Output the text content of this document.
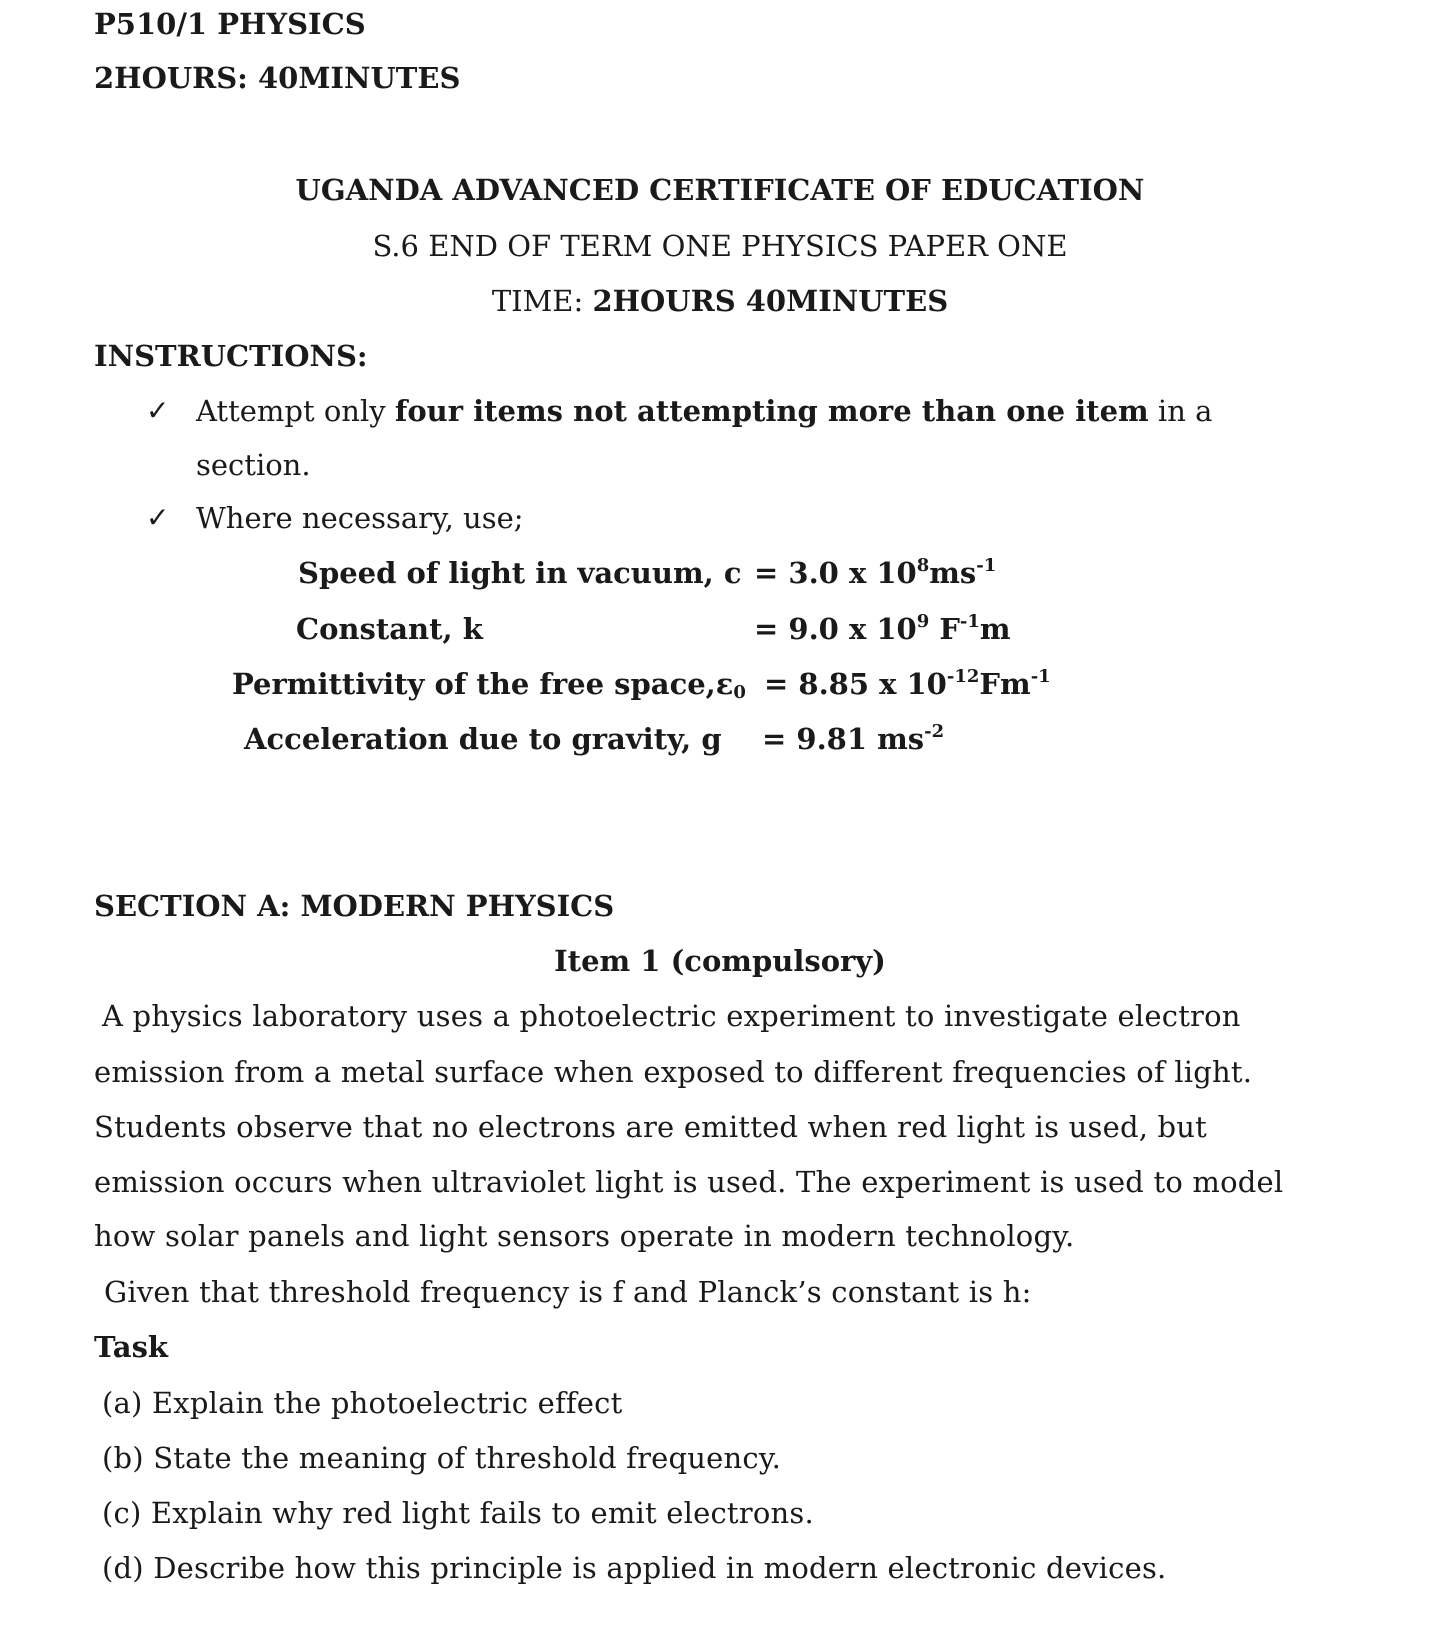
P510/1 PHYSICS
2HOURS: 40MINUTES
UGANDA ADVANCED CERTIFICATE OF EDUCATION
S.6 END OF TERM ONE PHYSICS PAPER ONE
TIME: 2HOURS 40MINUTES
INSTRUCTIONS:
✓ Attempt only four items not attempting more than one item in a
section.
✓ Where necessary, use;
Speed of light in vacuum, c = 3.0 x $10^8ms^{-1}$
Constant, k	= 9.0 x $10^9$ $F^{-1}m$
Permittivity of the free $space,\varepsilon_0 = 8.85$ x $10^{-12}Fm^{-1}$
Acceleration due to gravity, g = 9.81 $ms^{-2}$
SECTION A: MODERN PHYSICS
Item 1 (compulsory)
A physics laboratory uses a photoelectric experiment to investigate electron
emission from a metal surface when exposed to different frequencies of light.
Students observe that no electrons are emitted when red light is used, but
emission occurs when ultraviolet light is used. The experiment is used to model
how solar panels and light sensors operate in modern technology.
Given that threshold frequency is f and Planck’s constant is h:
Task
(a) Explain the photoelectric effect
(b) State the meaning of threshold frequency.
(c) Explain why red light fails to emit electrons.
(d) Describe how this principle is applied in modern electronic devices.
